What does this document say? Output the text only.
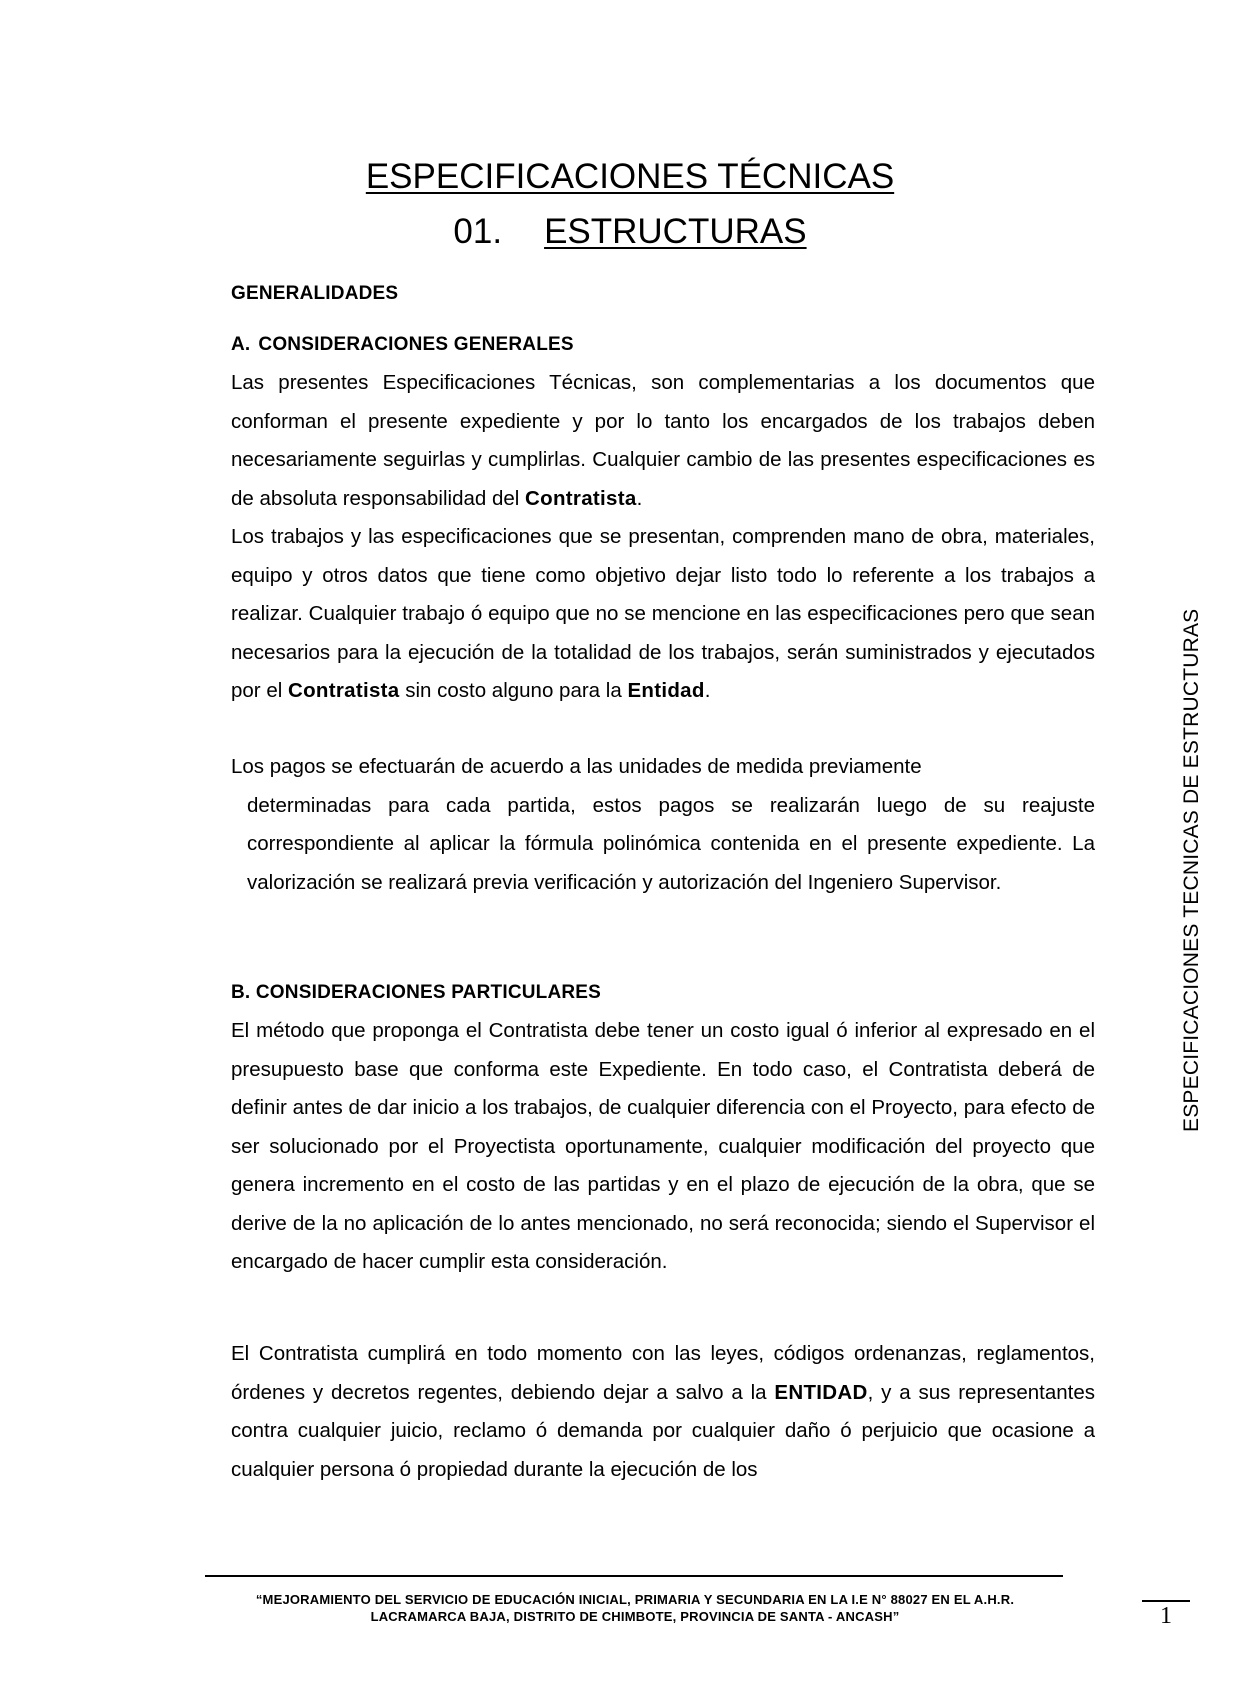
ESPECIFICACIONES TÉCNICAS
01. ESTRUCTURAS
GENERALIDADES
A. CONSIDERACIONES GENERALES

Las presentes Especificaciones Técnicas, son complementarias a los documentos que conforman el presente expediente y por lo tanto los encargados de los trabajos deben necesariamente seguirlas y cumplirlas. Cualquier cambio de las presentes especificaciones es de absoluta responsabilidad del Contratista.

Los trabajos y las especificaciones que se presentan, comprenden mano de obra, materiales, equipo y otros datos que tiene como objetivo dejar listo todo lo referente a los trabajos a realizar. Cualquier trabajo ó equipo que no se mencione en las especificaciones pero que sean necesarios para la ejecución de la totalidad de los trabajos, serán suministrados y ejecutados por el Contratista sin costo alguno para la Entidad.

Los pagos se efectuarán de acuerdo a las unidades de medida previamente
determinadas para cada partida, estos pagos se realizarán luego de su reajuste correspondiente al aplicar la fórmula polinómica contenida en el presente expediente. La valorización se realizará previa verificación y autorización del Ingeniero Supervisor.

B. CONSIDERACIONES PARTICULARES

El método que proponga el Contratista debe tener un costo igual ó inferior al expresado en el presupuesto base que conforma este Expediente. En todo caso, el Contratista deberá de definir antes de dar inicio a los trabajos, de cualquier diferencia con el Proyecto, para efecto de ser solucionado por el Proyectista oportunamente, cualquier modificación del proyecto que genera incremento en el costo de las partidas y en el plazo de ejecución de la obra, que se derive de la no aplicación de lo antes mencionado, no será reconocida; siendo el Supervisor el encargado de hacer cumplir esta consideración.

El Contratista cumplirá en todo momento con las leyes, códigos ordenanzas, reglamentos, órdenes y decretos regentes, debiendo dejar a salvo a la ENTIDAD, y a sus representantes contra cualquier juicio, reclamo ó demanda por cualquier daño ó perjuicio que ocasione a cualquier persona ó propiedad durante la ejecución de los

ESPECIFICACIONES TECNICAS DE ESTRUCTURAS
“MEJORAMIENTO DEL SERVICIO DE EDUCACIÓN INICIAL, PRIMARIA Y SECUNDARIA EN LA I.E N° 88027 EN EL A.H.R.
LACRAMARCA BAJA, DISTRITO DE CHIMBOTE, PROVINCIA DE SANTA - ANCASH”	1
